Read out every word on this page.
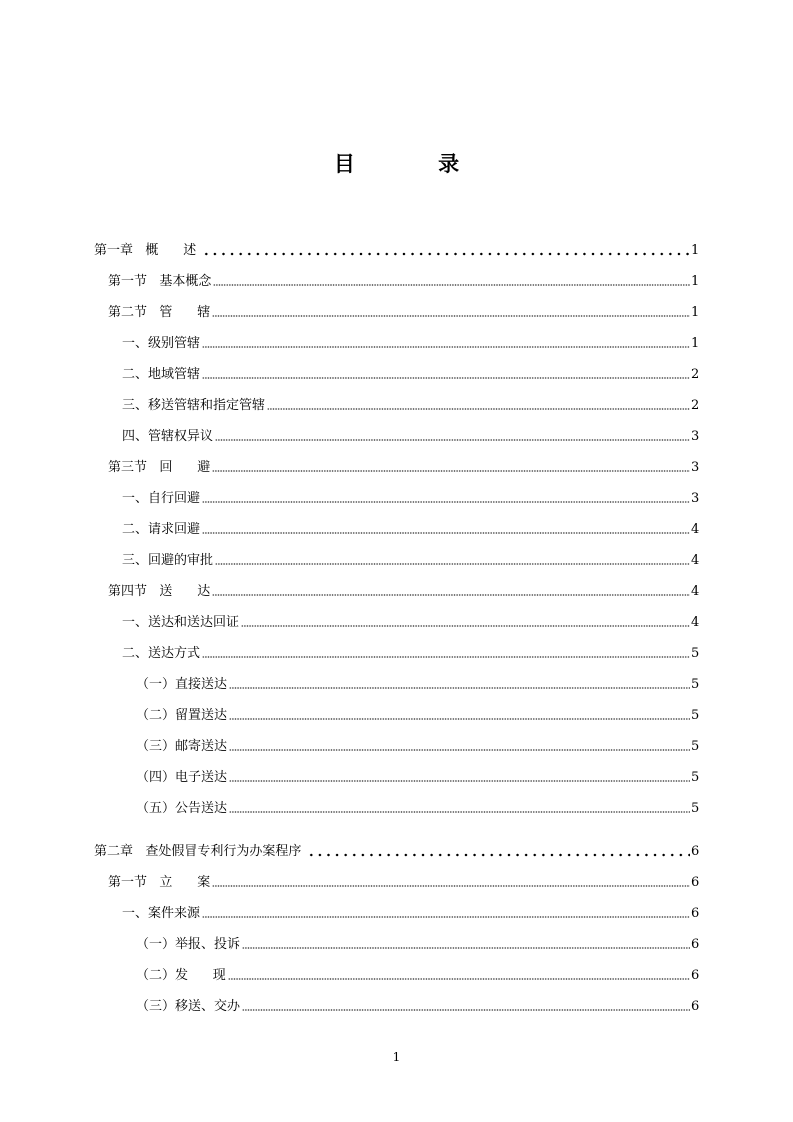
目 录
第一章   概      述	1
第一节   基本概念	1
第二节   管      辖	1
一、级别管辖	1
二、地域管辖	2
三、移送管辖和指定管辖	2
四、管辖权异议	3
第三节   回      避	3
一、自行回避	3
二、请求回避	4
三、回避的审批	4
第四节   送      达	4
一、送达和送达回证	4
二、送达方式	5
（一）直接送达	5
（二）留置送达	5
（三）邮寄送达	5
（四）电子送达	5
（五）公告送达	5
第二章   查处假冒专利行为办案程序	6
第一节   立      案	6
一、案件来源	6
（一）举报、投诉	6
（二）发      现	6
（三）移送、交办	6
1
